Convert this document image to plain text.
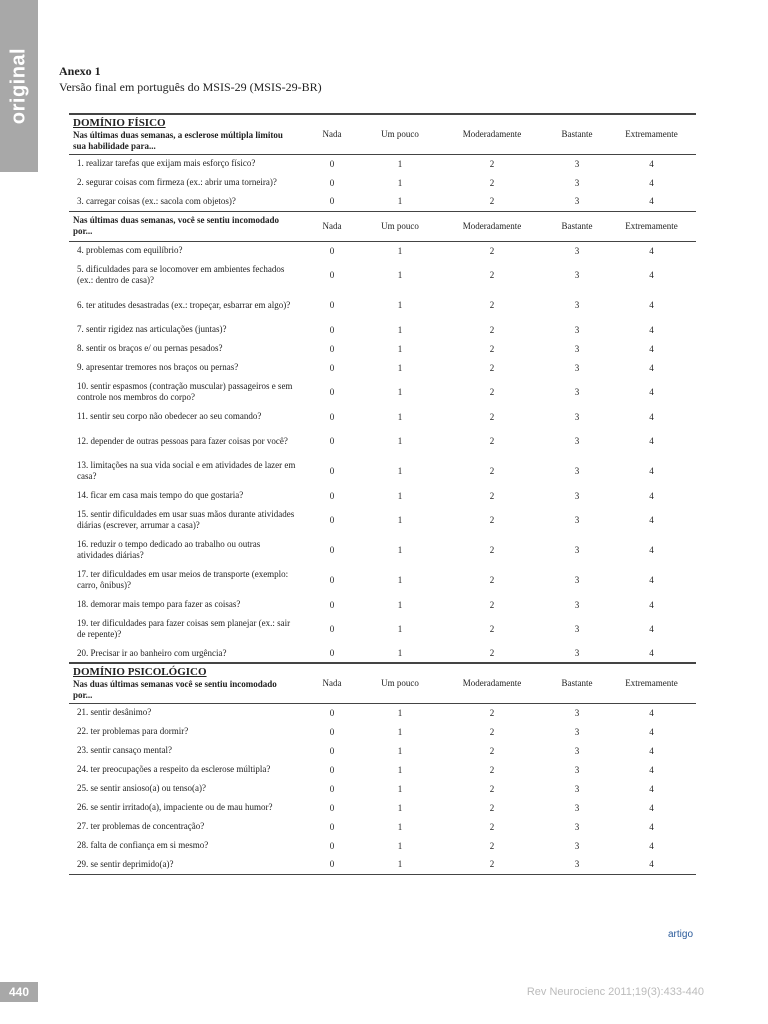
original Anexo 1
Versão final em português do MSIS-29 (MSIS-29-BR)
DOMÍNIO FÍSICO
Nas últimas duas semanas, a esclerose múltipla limitou sua habilidade para...	Nada	Um pouco	Moderadamente	Bastante	Extremamente
1. realizar tarefas que exijam mais esforço físico?	0	1	2	3	4
2. segurar coisas com firmeza (ex.: abrir uma torneira)?	0	1	2	3	4
3. carregar coisas (ex.: sacola com objetos)?	0	1	2	3	4

Nas últimas duas semanas, você se sentiu incomodado por...	Nada	Um pouco	Moderadamente	Bastante	Extremamente
4. problemas com equilíbrio?	0	1	2	3	4
5. dificuldades para se locomover em ambientes fechados (ex.: dentro de casa)?	0	1	2	3	4
6. ter atitudes desastradas (ex.: tropeçar, esbarrar em algo)?	0	1	2	3	4
7. sentir rigidez nas articulações (juntas)?	0	1	2	3	4
8. sentir os braços e/ ou pernas pesados?	0	1	2	3	4
9. apresentar tremores nos braços ou pernas?	0	1	2	3	4
10. sentir espasmos (contração muscular) passageiros e sem controle nos membros do corpo?	0	1	2	3	4
11. sentir seu corpo não obedecer ao seu comando?	0	1	2	3	4
12. depender de outras pessoas para fazer coisas por você?	0	1	2	3	4
13. limitações na sua vida social e em atividades de lazer em casa?	0	1	2	3	4
14. ficar em casa mais tempo do que gostaria?	0	1	2	3	4
15. sentir dificuldades em usar suas mãos durante atividades diárias (escrever, arrumar a casa)?	0	1	2	3	4
16. reduzir o tempo dedicado ao trabalho ou outras atividades diárias?	0	1	2	3	4
17. ter dificuldades em usar meios de transporte (exemplo: carro, ônibus)?	0	1	2	3	4
18. demorar mais tempo para fazer as coisas?	0	1	2	3	4
19. ter dificuldades para fazer coisas sem planejar (ex.: sair de repente)?	0	1	2	3	4
20. Precisar ir ao banheiro com urgência?	0	1	2	3	4

DOMÍNIO PSICOLÓGICO
Nas duas últimas semanas você se sentiu incomodado por...	Nada	Um pouco	Moderadamente	Bastante	Extremamente
21. sentir desânimo?	0	1	2	3	4
22. ter problemas para dormir?	0	1	2	3	4
23. sentir cansaço mental?	0	1	2	3	4
24. ter preocupações a respeito da esclerose múltipla?	0	1	2	3	4
25. se sentir ansioso(a) ou tenso(a)?	0	1	2	3	4
26. se sentir irritado(a), impaciente ou de mau humor?	0	1	2	3	4
27. ter problemas de concentração?	0	1	2	3	4
28. falta de confiança em si mesmo?	0	1	2	3	4
29. se sentir deprimido(a)?	0	1	2	3	4
artigo
440	Rev Neurocienc 2011;19(3):433-440
